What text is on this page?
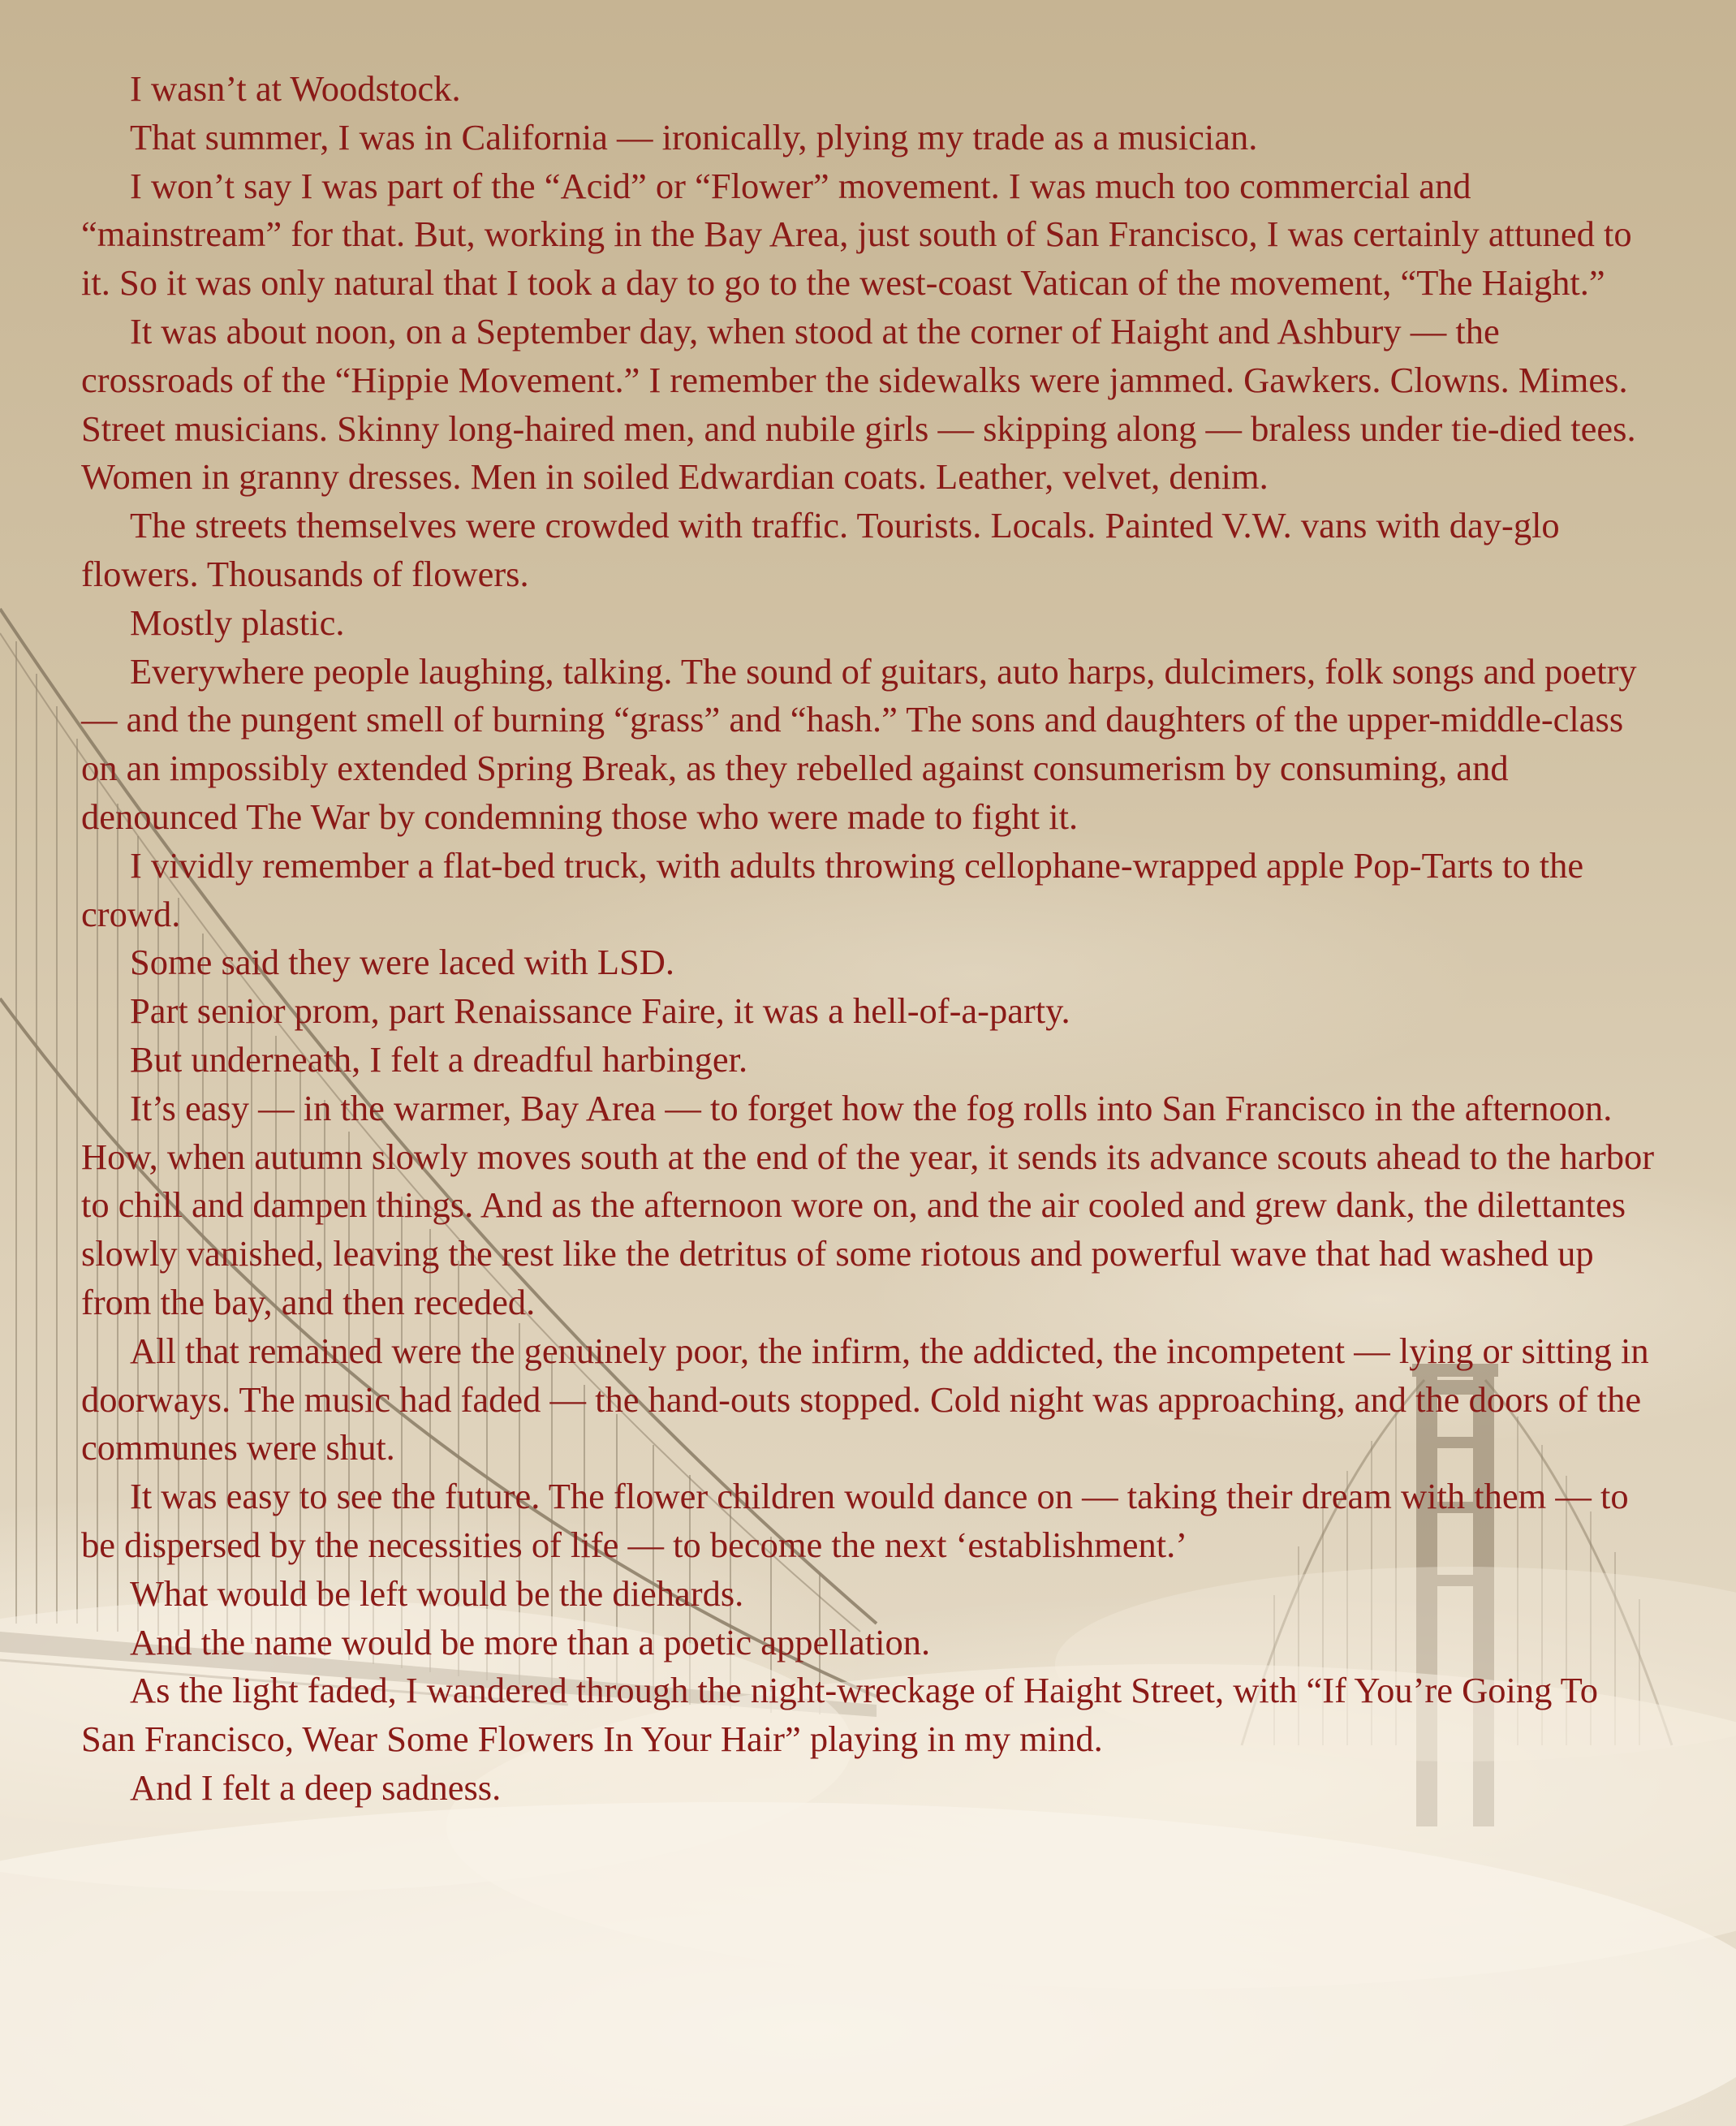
I wasn’t at Woodstock.

That summer, I was in California — ironically, plying my trade as a musician.

I won’t say I was part of the “Acid” or “Flower” movement. I was much too commercial and “mainstream” for that. But, working in the Bay Area, just south of San Francisco, I was certainly attuned to it. So it was only natural that I took a day to go to the west-coast Vatican of the movement, “The Haight.”

It was about noon, on a September day, when stood at the corner of Haight and Ashbury — the crossroads of the “Hippie Movement.” I remember the sidewalks were jammed. Gawkers. Clowns. Mimes. Street musicians. Skinny long-haired men, and nubile girls — skipping along — braless under tie-died tees. Women in granny dresses. Men in soiled Edwardian coats. Leather, velvet, denim.

The streets themselves were crowded with traffic. Tourists. Locals. Painted V.W. vans with day-glo flowers. Thousands of flowers.

Mostly plastic.

Everywhere people laughing, talking. The sound of guitars, auto harps, dulcimers, folk songs and poetry — and the pungent smell of burning “grass” and “hash.” The sons and daughters of the upper-middle-class on an impossibly extended Spring Break, as they rebelled against consumerism by consuming, and denounced The War by condemning those who were made to fight it.

I vividly remember a flat-bed truck, with adults throwing cellophane-wrapped apple Pop-Tarts to the crowd.

Some said they were laced with LSD.

Part senior prom, part Renaissance Faire, it was a hell-of-a-party.

But underneath, I felt a dreadful harbinger.

It’s easy — in the warmer, Bay Area — to forget how the fog rolls into San Francisco in the afternoon. How, when autumn slowly moves south at the end of the year, it sends its advance scouts ahead to the harbor to chill and dampen things. And as the afternoon wore on, and the air cooled and grew dank, the dilettantes slowly vanished, leaving the rest like the detritus of some riotous and powerful wave that had washed up from the bay, and then receded.

All that remained were the genuinely poor, the infirm, the addicted, the incompetent — lying or sitting in doorways. The music had faded — the hand-outs stopped. Cold night was approaching, and the doors of the communes were shut.

It was easy to see the future. The flower children would dance on — taking their dream with them — to be dispersed by the necessities of life — to become the next ‘establishment.’

What would be left would be the diehards.

And the name would be more than a poetic appellation.

As the light faded, I wandered through the night-wreckage of Haight Street, with “If You’re Going To San Francisco, Wear Some Flowers In Your Hair” playing in my mind.

And I felt a deep sadness.
